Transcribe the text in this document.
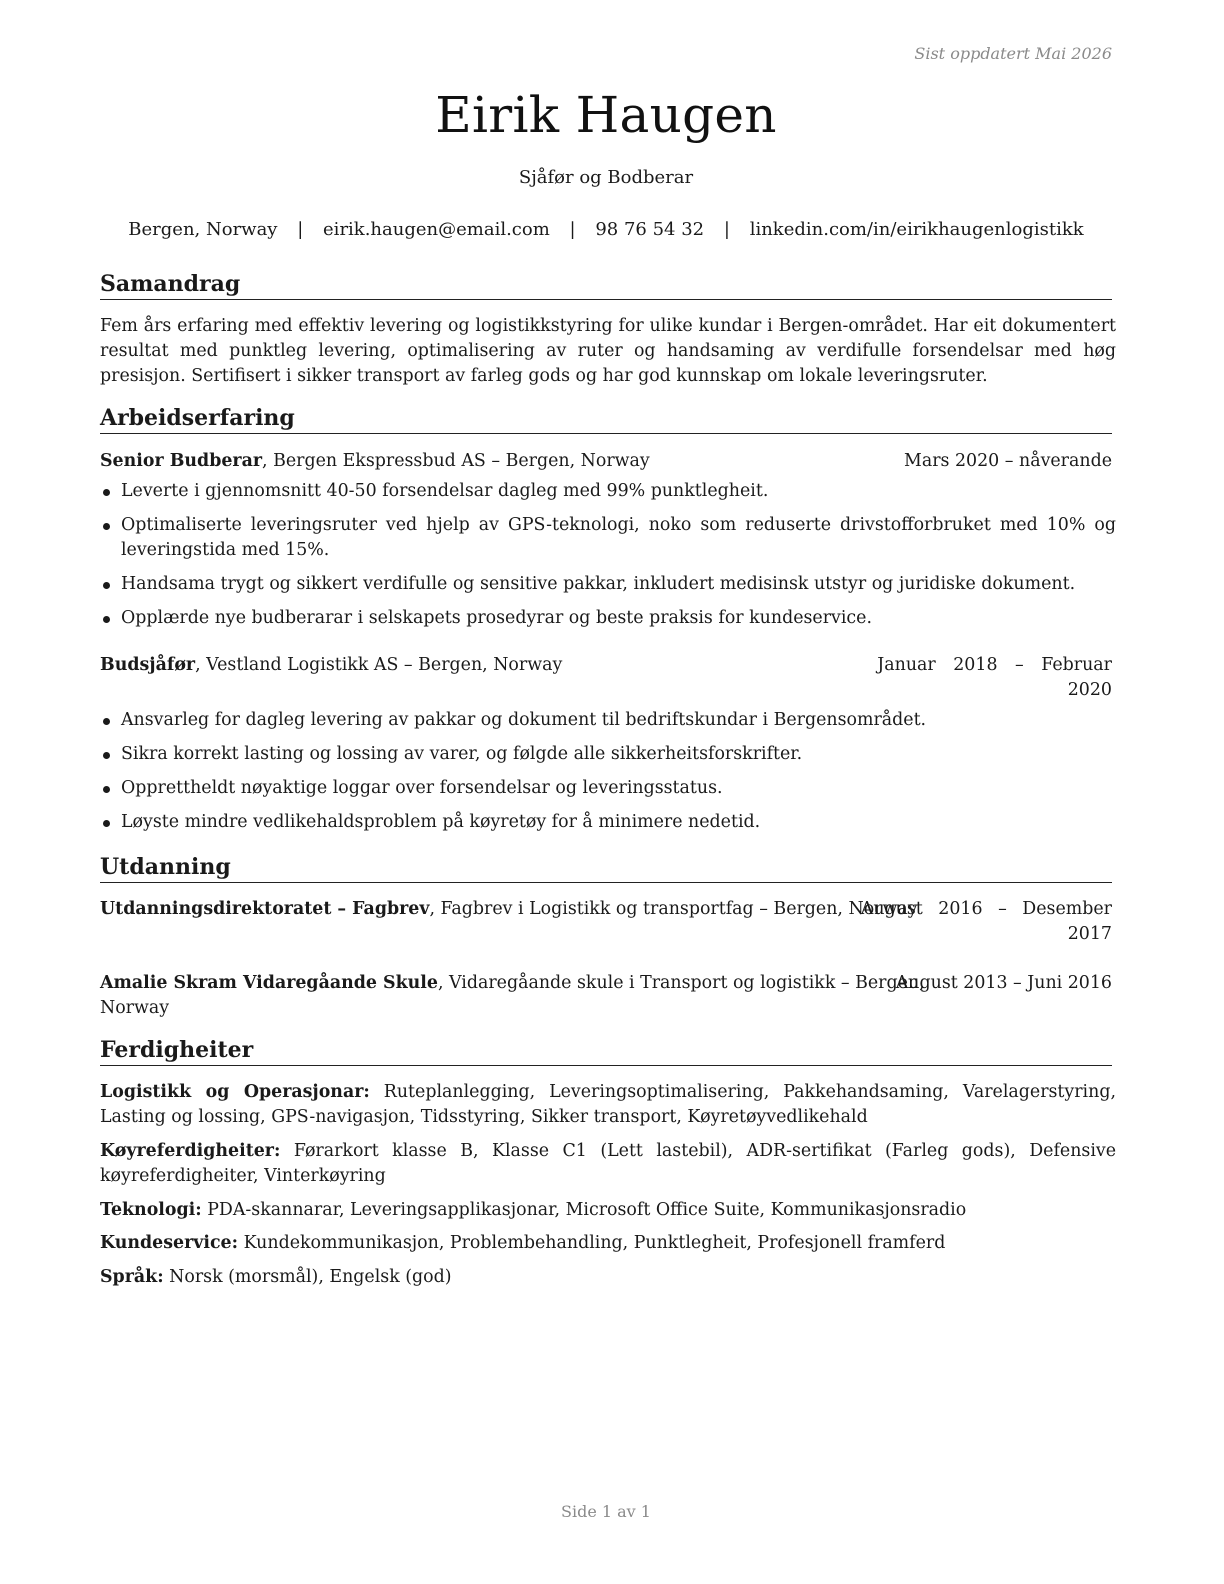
Sist oppdatert Mai 2026
Eirik Haugen
Sjåfør og Bodberar
Bergen, Norway | eirik.haugen@email.com | 98 76 54 32 | linkedin.com/in/eirikhaugenlogistikk
Samandrag
Fem års erfaring med effektiv levering og logistikkstyring for ulike kundar i Bergen-området. Har eit dokumentert resultat med punktleg levering, optimalisering av ruter og handsaming av verdifulle forsendelsar med høg presisjon. Sertifisert i sikker transport av farleg gods og har god kunnskap om lokale leveringsruter.
Arbeidserfaring
Senior Budberar, Bergen Ekspressbud AS – Bergen, Norway	Mars 2020 – nåverande
Leverte i gjennomsnitt 40-50 forsendelsar dagleg med 99% punktlegheit.
Optimaliserte leveringsruter ved hjelp av GPS-teknologi, noko som reduserte drivstofforbruket med 10% og leveringstida med 15%.
Handsama trygt og sikkert verdifulle og sensitive pakkar, inkludert medisinsk utstyr og juridiske dokument.
Opplærde nye budberarar i selskapets prosedyrar og beste praksis for kundeservice.
Budsjåfør, Vestland Logistikk AS – Bergen, Norway	Januar 2018 – Februar
2020
Ansvarleg for dagleg levering av pakkar og dokument til bedriftskundar i Bergensområdet.
Sikra korrekt lasting og lossing av varer, og følgde alle sikkerheitsforskrifter.
Opprettheldt nøyaktige loggar over forsendelsar og leveringsstatus.
Løyste mindre vedlikehaldsproblem på køyretøy for å minimere nedetid.
Utdanning
Utdanningsdirektoratet – Fagbrev, Fagbrev i Logistikk og transportfag – Bergen, Norway
August 2016 – Desember
2017
Amalie Skram Vidaregåande Skule, Vidaregåande skule i Transport og logistikk – Bergen,
Norway
August 2013 – Juni 2016
Ferdigheiter
Logistikk og Operasjonar: Ruteplanlegging, Leveringsoptimalisering, Pakkehandsaming, Varelagerstyring, Lasting og lossing, GPS-navigasjon, Tidsstyring, Sikker transport, Køyretøyvedlikehald
Køyreferdigheiter: Førarkort klasse B, Klasse C1 (Lett lastebil), ADR-sertifikat (Farleg gods), Defensive køyreferdigheiter, Vinterkøyring
Teknologi: PDA-skannarar, Leveringsapplikasjonar, Microsoft Office Suite, Kommunikasjonsradio
Kundeservice: Kundekommunikasjon, Problembehandling, Punktlegheit, Profesjonell framferd
Språk: Norsk (morsmål), Engelsk (god)
Side 1 av 1
